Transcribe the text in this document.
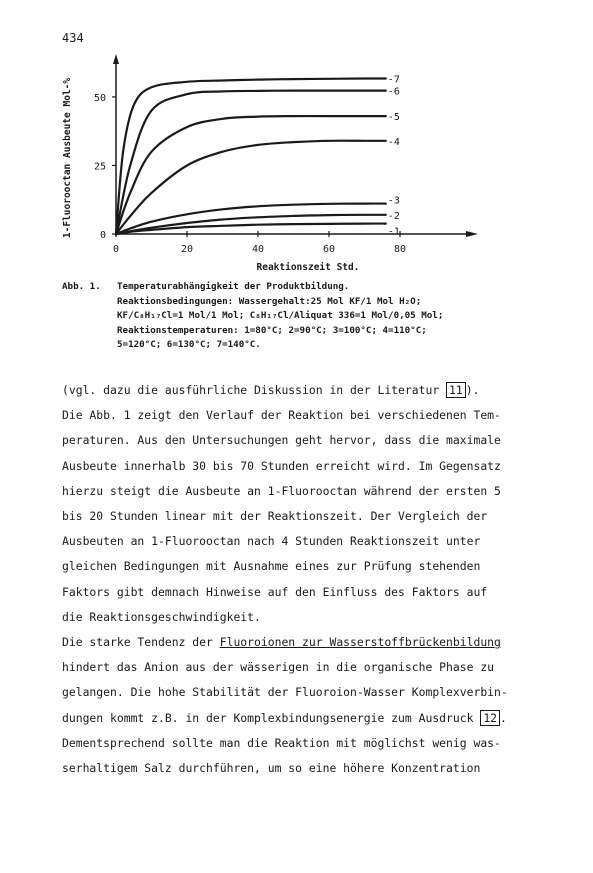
434
0	20	40	60	80
0
25
50
Reaktionszeit Std.
1-Fluorooctan Ausbeute Mol-%	-1
-2
-3
-4
-5
-6
-7
Abb. 1. Temperaturabhängigkeit der Produktbildung.
Reaktionsbedingungen: Wassergehalt:25 Mol KF/1 Mol H₂O;
KF/C₈H₁₇Cl=1 Mol/1 Mol; C₈H₁₇Cl/Aliquat 336=1 Mol/0,05 Mol;
Reaktionstemperaturen: 1=80°C; 2=90°C; 3=100°C; 4=110°C;
5=120°C; 6=130°C; 7=140°C.
(vgl. dazu die ausführliche Diskussion in der Literatur 11 ).
Die Abb. 1 zeigt den Verlauf der Reaktion bei verschiedenen Tem-
peraturen. Aus den Untersuchungen geht hervor, dass die maximale
Ausbeute innerhalb 30 bis 70 Stunden erreicht wird. Im Gegensatz
hierzu steigt die Ausbeute an 1-Fluorooctan während der ersten 5
bis 20 Stunden linear mit der Reaktionszeit. Der Vergleich der
Ausbeuten an 1-Fluorooctan nach 4 Stunden Reaktionszeit unter
gleichen Bedingungen mit Ausnahme eines zur Prüfung stehenden
Faktors gibt demnach Hinweise auf den Einfluss des Faktors auf
die Reaktionsgeschwindigkeit.
Die starke Tendenz der Fluoroionen zur Wasserstoffbrückenbildung
hindert das Anion aus der wässerigen in die organische Phase zu
gelangen. Die hohe Stabilität der Fluoroion-Wasser Komplexverbin-
dungen kommt z.B. in der Komplexbindungsenergie zum Ausdruck 12 .
Dementsprechend sollte man die Reaktion mit möglichst wenig was-
serhaltigem Salz durchführen, um so eine höhere Konzentration
